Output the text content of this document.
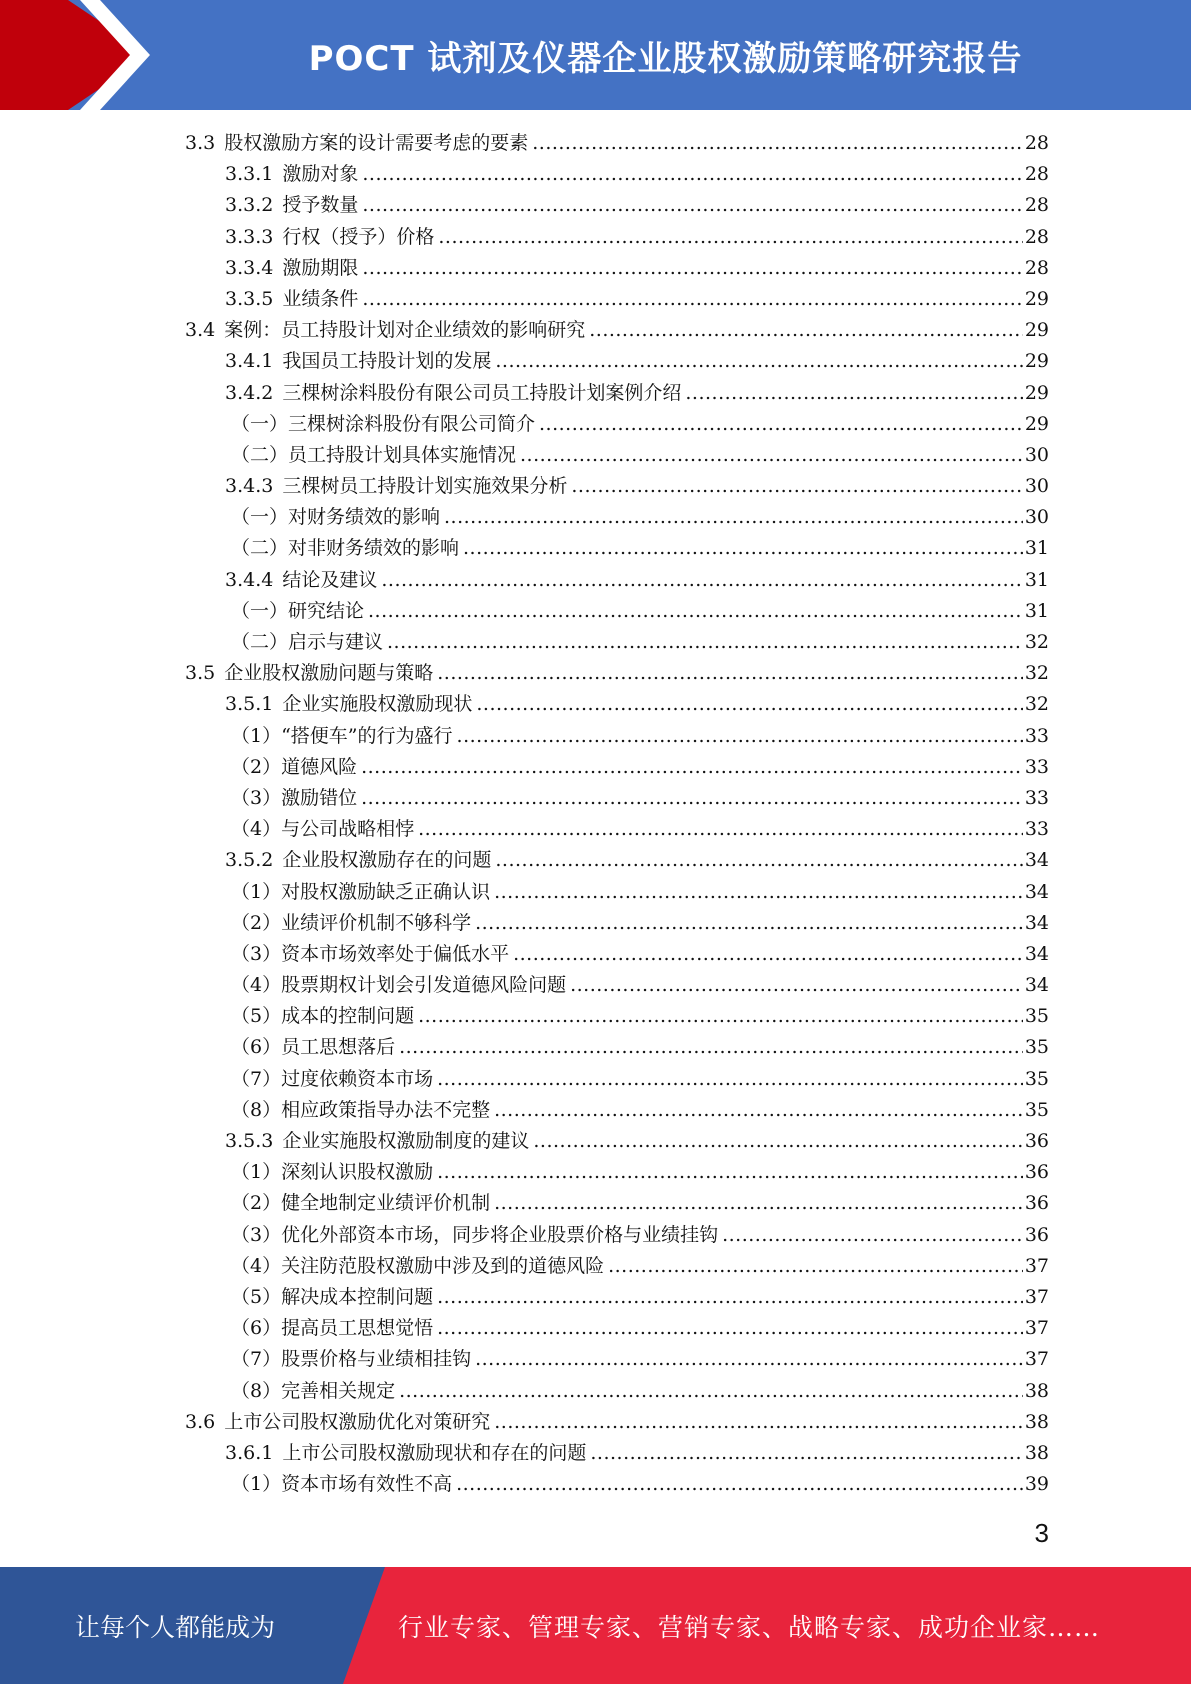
POCT 试剂及仪器企业股权激励策略研究报告
3.3 股权激励方案的设计需要考虑的要素 .....	28
3.3.1 激励对象 .....	28
3.3.2 授予数量 .....	28
3.3.3 行权（授予）价格 .....	28
3.3.4 激励期限 .....	28
3.3.5 业绩条件 .....	29
3.4 案例：员工持股计划对企业绩效的影响研究 .....	29
3.4.1 我国员工持股计划的发展 .....	29
3.4.2 三棵树涂料股份有限公司员工持股计划案例介绍 .....	29
（一）三棵树涂料股份有限公司简介 .....	29
（二）员工持股计划具体实施情况 .....	30
3.4.3 三棵树员工持股计划实施效果分析 .....	30
（一）对财务绩效的影响 .....	30
（二）对非财务绩效的影响 .....	31
3.4.4 结论及建议 .....	31
（一）研究结论 .....	31
（二）启示与建议 .....	32
3.5 企业股权激励问题与策略 .....	32
3.5.1 企业实施股权激励现状 .....	32
（1）“搭便车”的行为盛行 .....	33
（2）道德风险 .....	33
（3）激励错位 .....	33
（4）与公司战略相悖 .....	33
3.5.2 企业股权激励存在的问题 .....	34
（1）对股权激励缺乏正确认识 .....	34
（2）业绩评价机制不够科学 .....	34
（3）资本市场效率处于偏低水平 .....	34
（4）股票期权计划会引发道德风险问题 .....	34
（5）成本的控制问题 .....	35
（6）员工思想落后 .....	35
（7）过度依赖资本市场 .....	35
（8）相应政策指导办法不完整 .....	35
3.5.3 企业实施股权激励制度的建议 .....	36
（1）深刻认识股权激励 .....	36
（2）健全地制定业绩评价机制 .....	36
（3）优化外部资本市场，同步将企业股票价格与业绩挂钩 .....	36
（4）关注防范股权激励中涉及到的道德风险 .....	37
（5）解决成本控制问题 .....	37
（6）提高员工思想觉悟 .....	37
（7）股票价格与业绩相挂钩 .....	37
（8）完善相关规定 .....	38
3.6 上市公司股权激励优化对策研究 .....	38
3.6.1 上市公司股权激励现状和存在的问题 .....	38
（1）资本市场有效性不高 .....	39
3
让每个人都能成为	行业专家、管理专家、营销专家、战略专家、成功企业家……
